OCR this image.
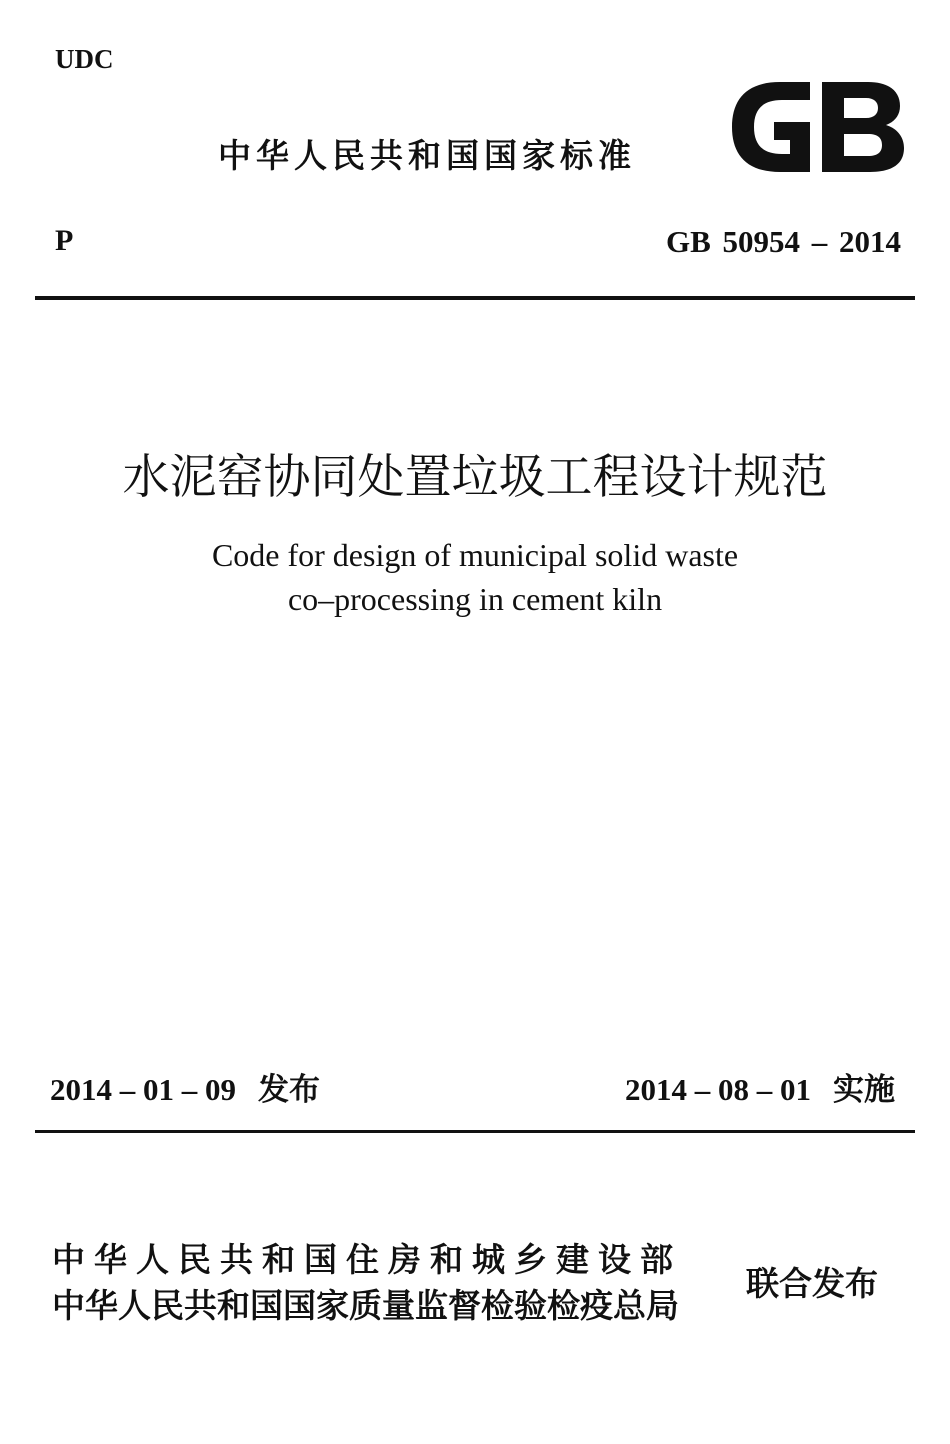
UDC
中华人民共和国国家标准
P	GB 50954 – 2014
水泥窑协同处置垃圾工程设计规范
Code for design of municipal solid waste
co–processing in cement kiln
2014 – 01 – 09 发布	2014 – 08 – 01 实施
中华人民共和国住房和城乡建设部
中华人民共和国国家质量监督检验检疫总局
联合发布
